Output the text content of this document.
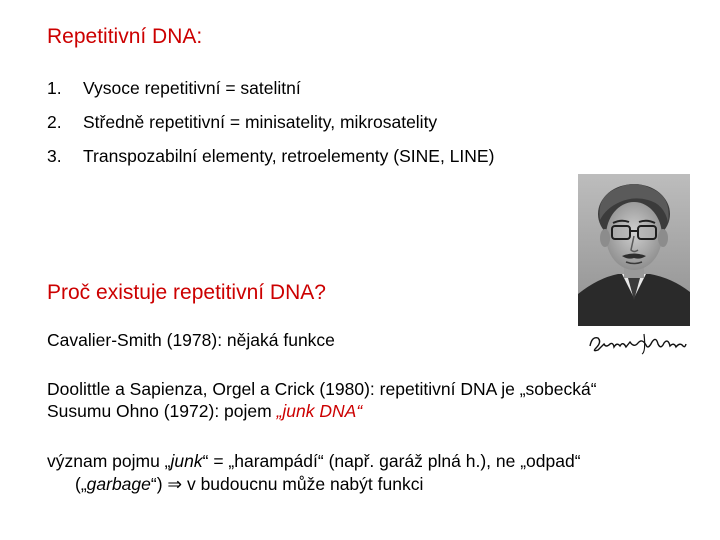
Repetitivní DNA:
1.	Vysoce repetitivní = satelitní
2.	Středně repetitivní = minisatelity, mikrosatelity
3.	Transpozabilní elementy, retroelementy (SINE, LINE)
Proč existuje repetitivní DNA?
Cavalier-Smith (1978): nějaká funkce
Doolittle a Sapienza, Orgel a Crick (1980): repetitivní DNA je „sobecká“
Susumu Ohno (1972): pojem „junk DNA“
význam pojmu „junk“ = „harampádí“ (např. garáž plná h.), ne „odpad“
(„garbage“) ⇒ v budoucnu může nabýt funkci
